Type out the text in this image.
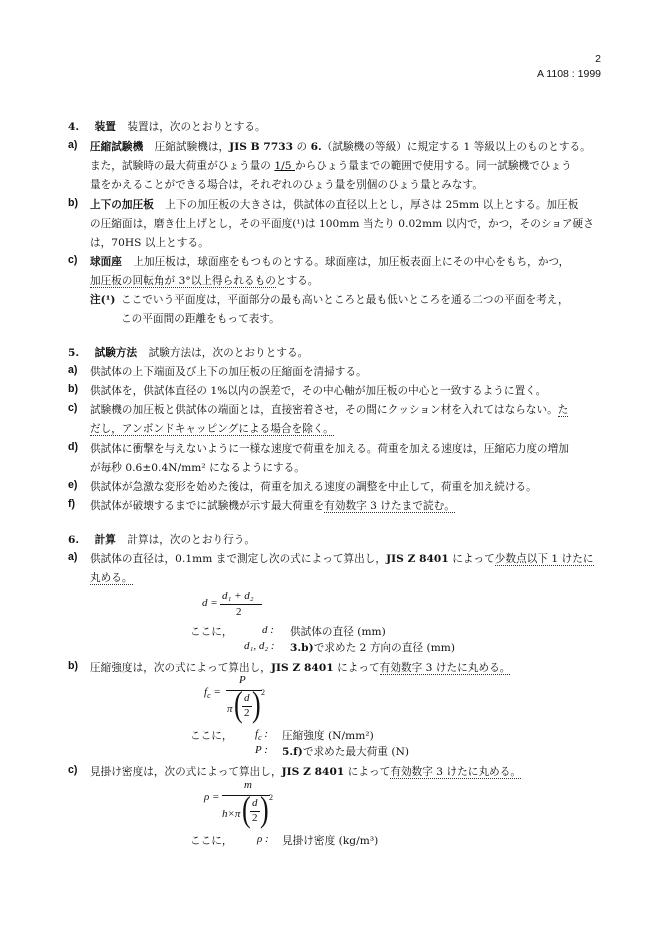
2
A 1108 : 1999
4. 装置 装置は，次のとおりとする。
a) 圧縮試験機 圧縮試験機は，JIS B 7733 の 6.（試験機の等級）に規定する 1 等級以上のものとする。
また，試験時の最大荷重がひょう量の 1/5 からひょう量までの範囲で使用する。同一試験機でひょう
量をかえることができる場合は，それぞれのひょう量を別個のひょう量とみなす。
b) 上下の加圧板 上下の加圧板の大きさは，供試体の直径以上とし，厚さは 25mm 以上とする。加圧板
の圧縮面は，磨き仕上げとし，その平面度(¹)は 100mm 当たり 0.02mm 以内で，かつ，そのショア硬さ
は，70HS 以上とする。
c) 球面座 上加圧板は，球面座をもつものとする。球面座は，加圧板表面上にその中心をもち，かつ，
加圧板の回転角が 3°以上得られるものとする。
注(¹) ここでいう平面度は，平面部分の最も高いところと最も低いところを通る二つの平面を考え，
この平面間の距離をもって表す。
5. 試験方法 試験方法は，次のとおりとする。
a) 供試体の上下端面及び上下の加圧板の圧縮面を清掃する。
b) 供試体を，供試体直径の 1%以内の誤差で，その中心軸が加圧板の中心と一致するように置く。
c) 試験機の加圧板と供試体の端面とは，直接密着させ，その間にクッション材を入れてはならない。た
だし，アンボンドキャッピングによる場合を除く。
d) 供試体に衝撃を与えないように一様な速度で荷重を加える。荷重を加える速度は，圧縮応力度の増加
が毎秒 0.6±0.4N/mm² になるようにする。
e) 供試体が急激な変形を始めた後は，荷重を加える速度の調整を中止して，荷重を加え続ける。
f) 供試体が破壊するまでに試験機が示す最大荷重を有効数字 3 けたまで読む。
6. 計算 計算は，次のとおり行う。
a) 供試体の直径は，0.1mm まで測定し次の式によって算出し，JIS Z 8401 によって少数点以下 1 けたに
丸める。
d =
d₁ + d₂
2
ここに，	d : 供試体の直径 (mm)
d₁, d₂ : 3.b)で求めた 2 方向の直径 (mm)
b) 圧縮強度は，次の式によって算出し，JIS Z 8401 によって有効数字 3 けたに丸める。
$f_c$ =
P
π ( d
2 ) 2
ここに， $f_c$ : 圧縮強度 (N/mm²)
P : 5.f)で求めた最大荷重 (N)
c) 見掛け密度は，次の式によって算出し，JIS Z 8401 によって有効数字 3 けたに丸める。
ρ =
m
h×π ( d
2 ) 2
ここに， ρ : 見掛け密度 (kg/m³)
